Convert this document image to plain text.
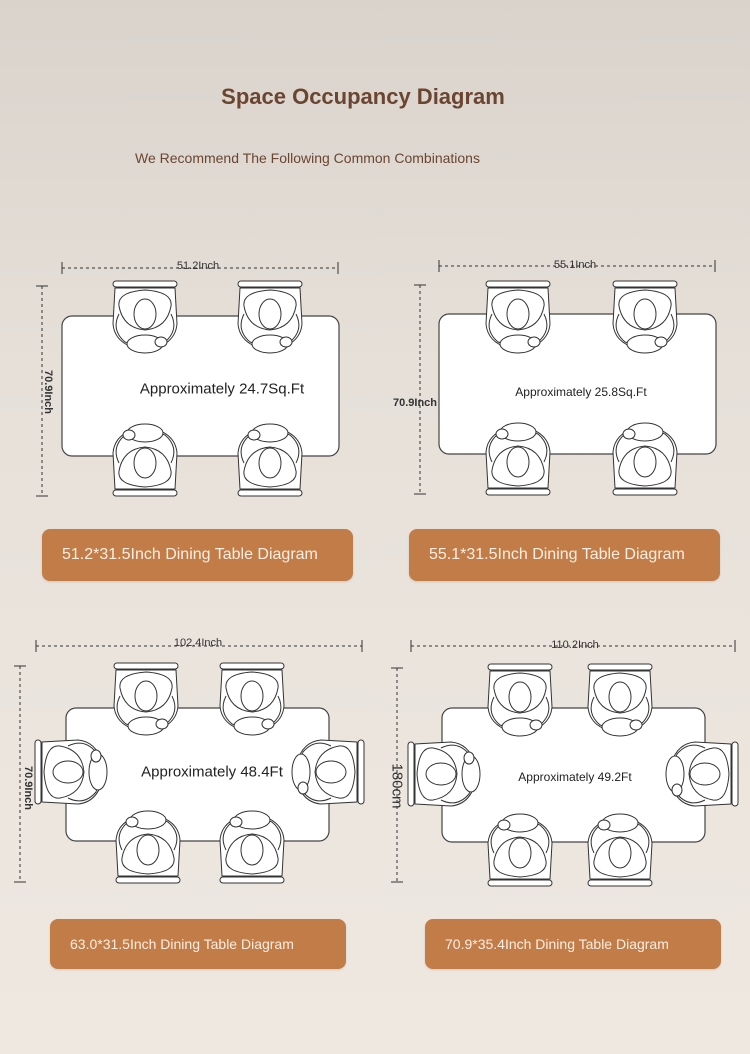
Space Occupancy Diagram
We Recommend The Following Common Combinations
51.2Inch
70.9Inch	Approximately 24.7Sq.Ft
51.2*31.5Inch Dining Table Diagram
55.1Inch
70.9Inch
Approximately 25.8Sq.Ft
55.1*31.5Inch Dining Table Diagram
102.4Inch
70.9Inch	Approximately 48.4Ft
63.0*31.5Inch Dining Table Diagram
110.2Inch
180cm	Approximately 49.2Ft
70.9*35.4Inch Dining Table Diagram
